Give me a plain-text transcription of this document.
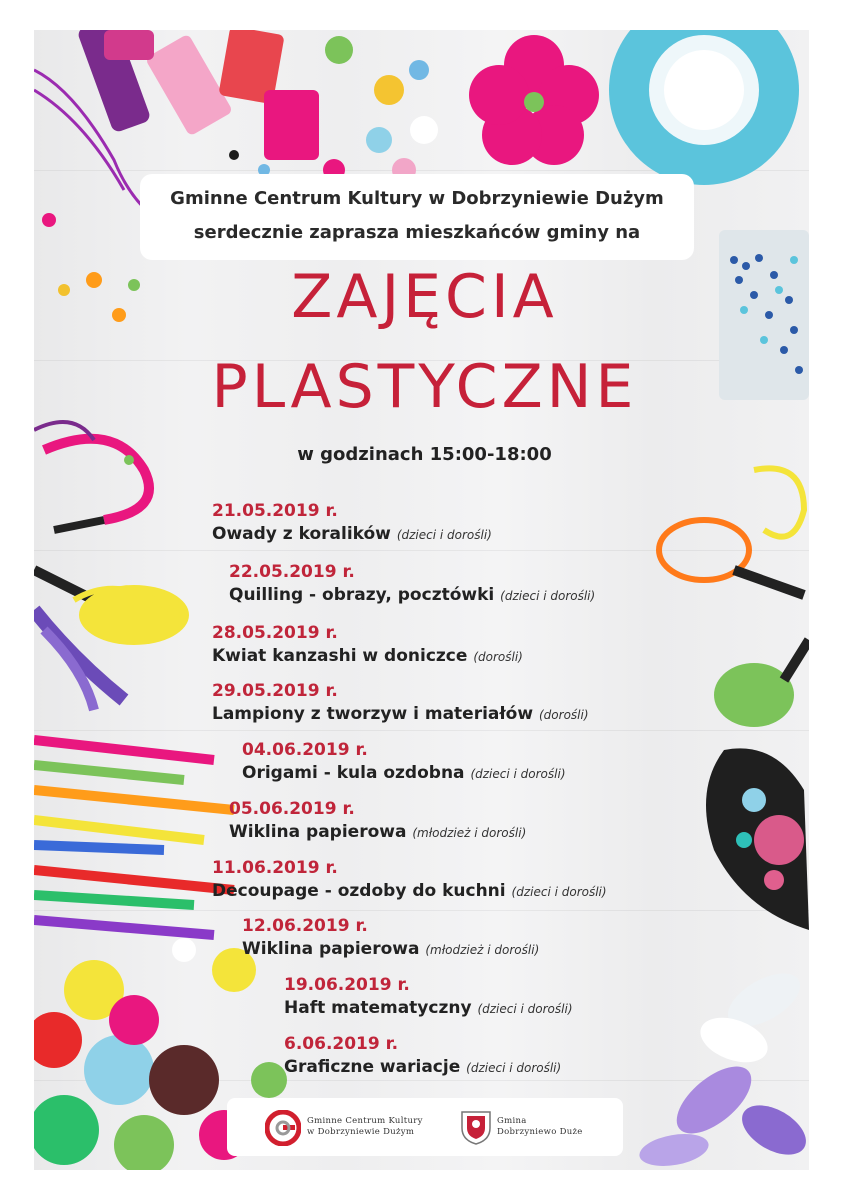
Gminne Centrum Kultury w Dobrzyniewie Dużym
serdecznie zaprasza mieszkańców gminy na
ZAJĘCIA
PLASTYCZNE
w godzinach 15:00-18:00
21.05.2019 r.
Owady z koralików (dzieci i dorośli)
22.05.2019 r.
Quilling - obrazy, pocztówki (dzieci i dorośli)
28.05.2019 r.
Kwiat kanzashi w doniczce (dorośli)
29.05.2019 r.
Lampiony z tworzyw i materiałów (dorośli)
04.06.2019 r.
Origami - kula ozdobna (dzieci i dorośli)
05.06.2019 r.
Wiklina papierowa (młodzież i dorośli)
11.06.2019 r.
Decoupage - ozdoby do kuchni (dzieci i dorośli)
12.06.2019 r.
Wiklina papierowa (młodzież i dorośli)
19.06.2019 r.
Haft matematyczny (dzieci i dorośli)
6.06.2019 r.
Graficzne wariacje (dzieci i dorośli)
Gminne Centrum Kultury
w Dobrzyniewie Dużym
Gmina
Dobrzyniewo Duże
